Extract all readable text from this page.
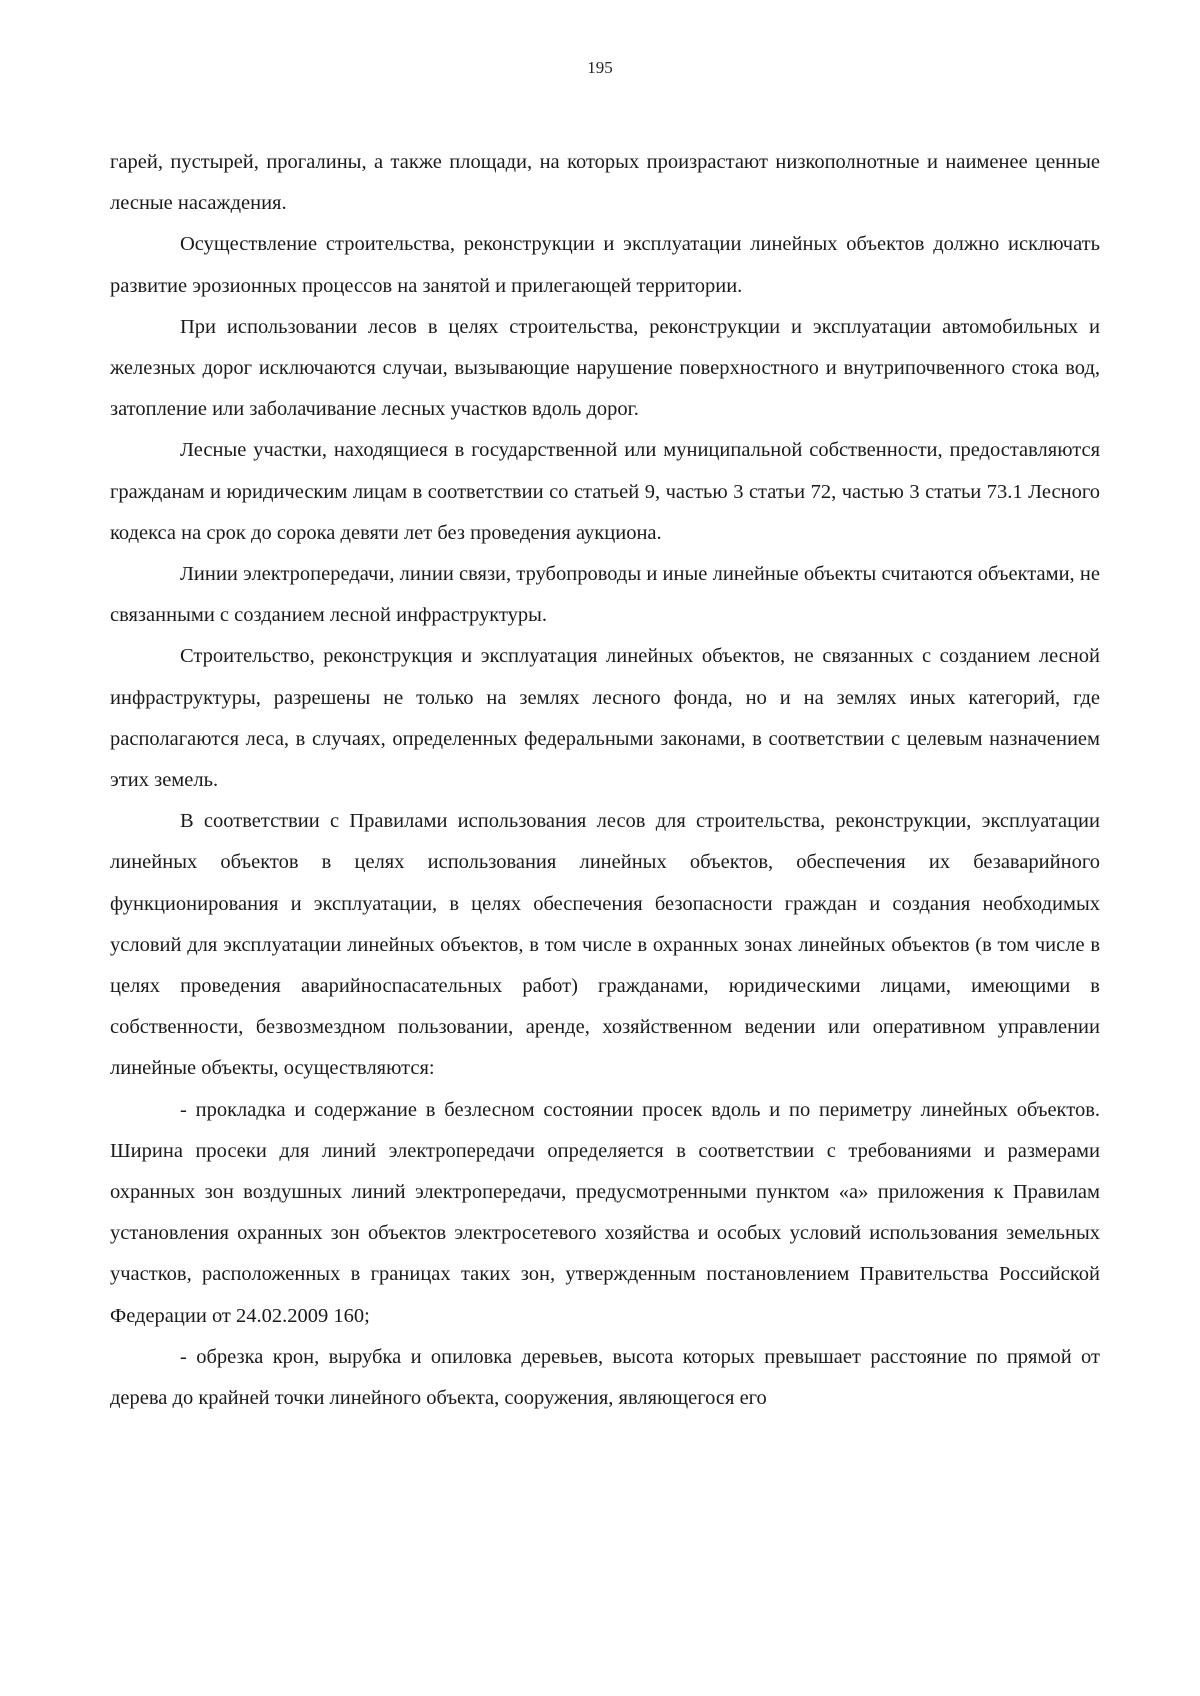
195

гарей, пустырей, прогалины, а также площади, на которых произрастают низкополнотные и наименее ценные лесные насаждения.

Осуществление строительства, реконструкции и эксплуатации линейных объектов должно исключать развитие эрозионных процессов на занятой и прилегающей территории.

При использовании лесов в целях строительства, реконструкции и эксплуатации автомобильных и железных дорог исключаются случаи, вызывающие нарушение поверхностного и внутрипочвенного стока вод, затопление или заболачивание лесных участков вдоль дорог.

Лесные участки, находящиеся в государственной или муниципальной собственности, предоставляются гражданам и юридическим лицам в соответствии со статьей 9, частью 3 статьи 72, частью 3 статьи 73.1 Лесного кодекса на срок до сорока девяти лет без проведения аукциона.

Линии электропередачи, линии связи, трубопроводы и иные линейные объекты считаются объектами, не связанными с созданием лесной инфраструктуры.

Строительство, реконструкция и эксплуатация линейных объектов, не связанных с созданием лесной инфраструктуры, разрешены не только на землях лесного фонда, но и на землях иных категорий, где располагаются леса, в случаях, определенных федеральными законами, в соответствии с целевым назначением этих земель.

В соответствии с Правилами использования лесов для строительства, реконструкции, эксплуатации линейных объектов в целях использования линейных объектов, обеспечения их безаварийного функционирования и эксплуатации, в целях обеспечения безопасности граждан и создания необходимых условий для эксплуатации линейных объектов, в том числе в охранных зонах линейных объектов (в том числе в целях проведения аварийноспасательных работ) гражданами, юридическими лицами, имеющими в собственности, безвозмездном пользовании, аренде, хозяйственном ведении или оперативном управлении линейные объекты, осуществляются:

- прокладка и содержание в безлесном состоянии просек вдоль и по периметру линейных объектов. Ширина просеки для линий электропередачи определяется в соответствии с требованиями и размерами охранных зон воздушных линий электропередачи, предусмотренными пунктом «а» приложения к Правилам установления охранных зон объектов электросетевого хозяйства и особых условий использования земельных участков, расположенных в границах таких зон, утвержденным постановлением Правительства Российской Федерации от 24.02.2009 160;

- обрезка крон, вырубка и опиловка деревьев, высота которых превышает расстояние по прямой от дерева до крайней точки линейного объекта, сооружения, являющегося его
